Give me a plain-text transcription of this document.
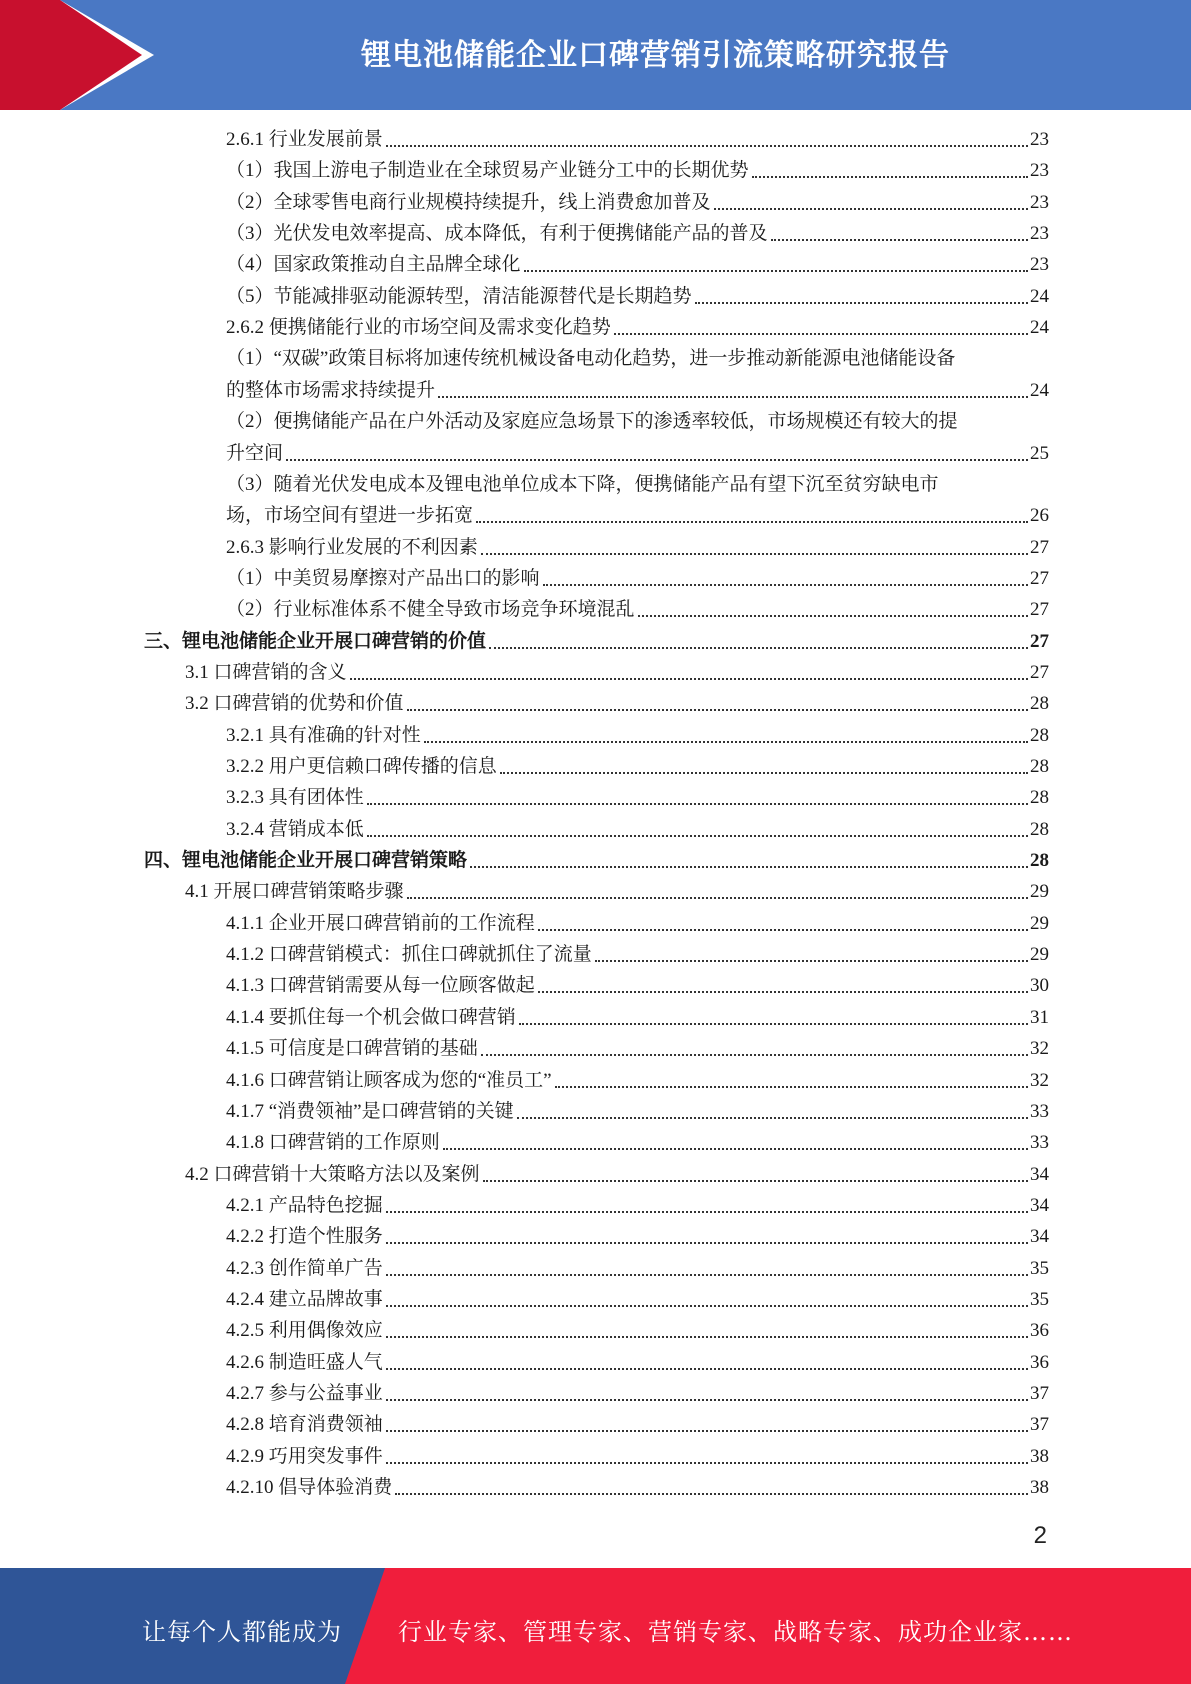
锂电池储能企业口碑营销引流策略研究报告
2.6.1 行业发展前景	23
（1）我国上游电子制造业在全球贸易产业链分工中的长期优势	23
（2）全球零售电商行业规模持续提升，线上消费愈加普及	23
（3）光伏发电效率提高、成本降低，有利于便携储能产品的普及	23
（4）国家政策推动自主品牌全球化	23
（5）节能减排驱动能源转型，清洁能源替代是长期趋势	24
2.6.2 便携储能行业的市场空间及需求变化趋势	24
（1）“双碳”政策目标将加速传统机械设备电动化趋势，进一步推动新能源电池储能设备
的整体市场需求持续提升	24
（2）便携储能产品在户外活动及家庭应急场景下的渗透率较低，市场规模还有较大的提
升空间	25
（3）随着光伏发电成本及锂电池单位成本下降，便携储能产品有望下沉至贫穷缺电市
场，市场空间有望进一步拓宽	26
2.6.3 影响行业发展的不利因素	27
（1）中美贸易摩擦对产品出口的影响	27
（2）行业标准体系不健全导致市场竞争环境混乱	27
三、锂电池储能企业开展口碑营销的价值	27
3.1 口碑营销的含义	27
3.2 口碑营销的优势和价值	28
3.2.1 具有准确的针对性	28
3.2.2 用户更信赖口碑传播的信息	28
3.2.3 具有团体性	28
3.2.4 营销成本低	28
四、锂电池储能企业开展口碑营销策略	28
4.1 开展口碑营销策略步骤	29
4.1.1 企业开展口碑营销前的工作流程	29
4.1.2 口碑营销模式：抓住口碑就抓住了流量	29
4.1.3 口碑营销需要从每一位顾客做起	30
4.1.4 要抓住每一个机会做口碑营销	31
4.1.5 可信度是口碑营销的基础	32
4.1.6 口碑营销让顾客成为您的“准员工”	32
4.1.7 “消费领袖”是口碑营销的关键	33
4.1.8 口碑营销的工作原则	33
4.2 口碑营销十大策略方法以及案例	34
4.2.1 产品特色挖掘	34
4.2.2 打造个性服务	34
4.2.3 创作简单广告	35
4.2.4 建立品牌故事	35
4.2.5 利用偶像效应	36
4.2.6 制造旺盛人气	36
4.2.7 参与公益事业	37
4.2.8 培育消费领袖	37
4.2.9 巧用突发事件	38
4.2.10 倡导体验消费	38
2
让每个人都能成为 行业专家、管理专家、营销专家、战略专家、成功企业家……
